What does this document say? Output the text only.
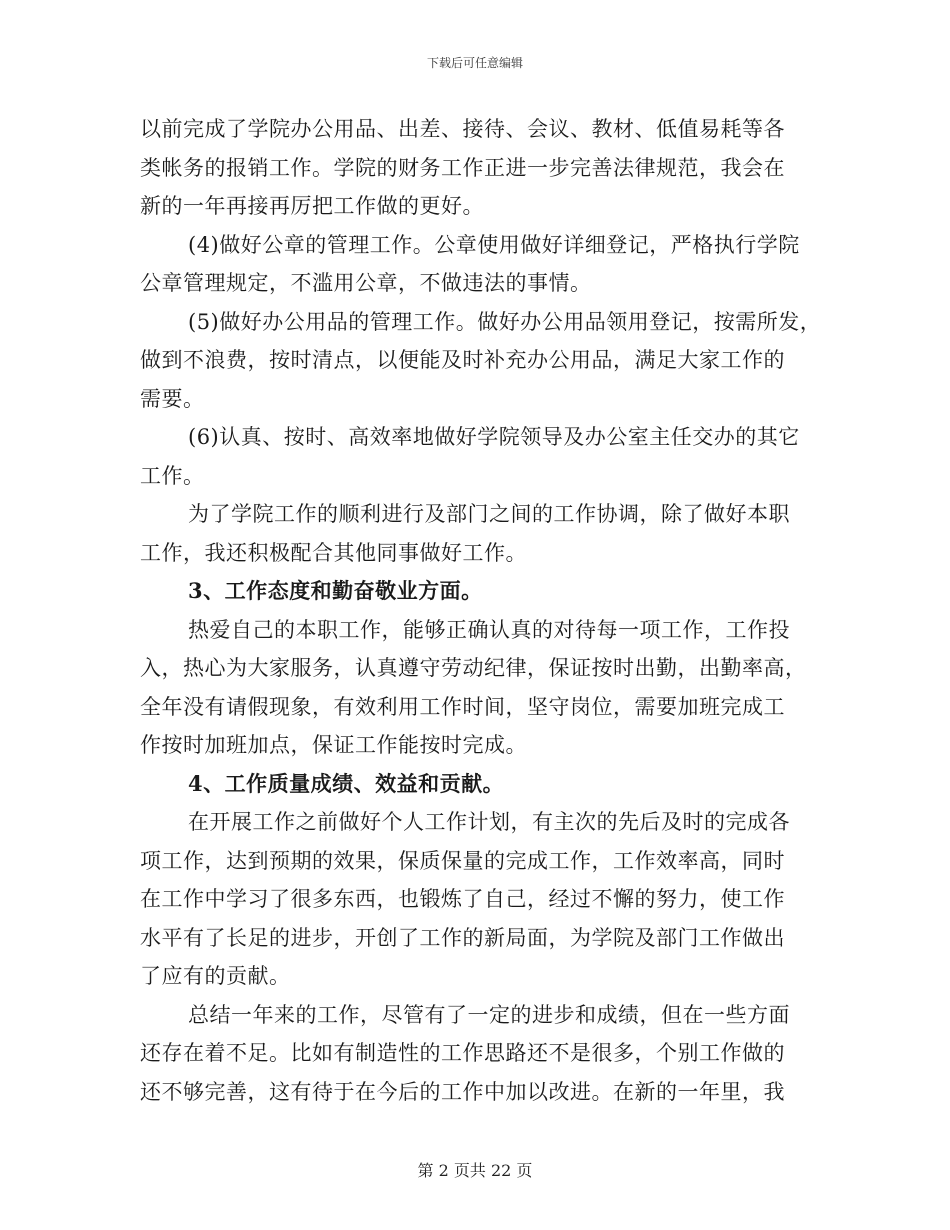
下载后可任意编辑
以前完成了学院办公用品、出差、接待、会议、教材、低值易耗等各
类帐务的报销工作。学院的财务工作正进一步完善法律规范，我会在
新的一年再接再厉把工作做的更好。
(4)做好公章的管理工作。公章使用做好详细登记，严格执行学院
公章管理规定，不滥用公章，不做违法的事情。
(5)做好办公用品的管理工作。做好办公用品领用登记，按需所发，
做到不浪费，按时清点，以便能及时补充办公用品，满足大家工作的
需要。
(6)认真、按时、高效率地做好学院领导及办公室主任交办的其它
工作。
为了学院工作的顺利进行及部门之间的工作协调，除了做好本职
工作，我还积极配合其他同事做好工作。
3、工作态度和勤奋敬业方面。
热爱自己的本职工作，能够正确认真的对待每一项工作，工作投
入，热心为大家服务，认真遵守劳动纪律，保证按时出勤，出勤率高，
全年没有请假现象，有效利用工作时间，坚守岗位，需要加班完成工
作按时加班加点，保证工作能按时完成。
4、工作质量成绩、效益和贡献。
在开展工作之前做好个人工作计划，有主次的先后及时的完成各
项工作，达到预期的效果，保质保量的完成工作，工作效率高，同时
在工作中学习了很多东西，也锻炼了自己，经过不懈的努力，使工作
水平有了长足的进步，开创了工作的新局面，为学院及部门工作做出
了应有的贡献。
总结一年来的工作，尽管有了一定的进步和成绩，但在一些方面
还存在着不足。比如有制造性的工作思路还不是很多，个别工作做的
还不够完善，这有待于在今后的工作中加以改进。在新的一年里，我
第 2 页共 22 页
